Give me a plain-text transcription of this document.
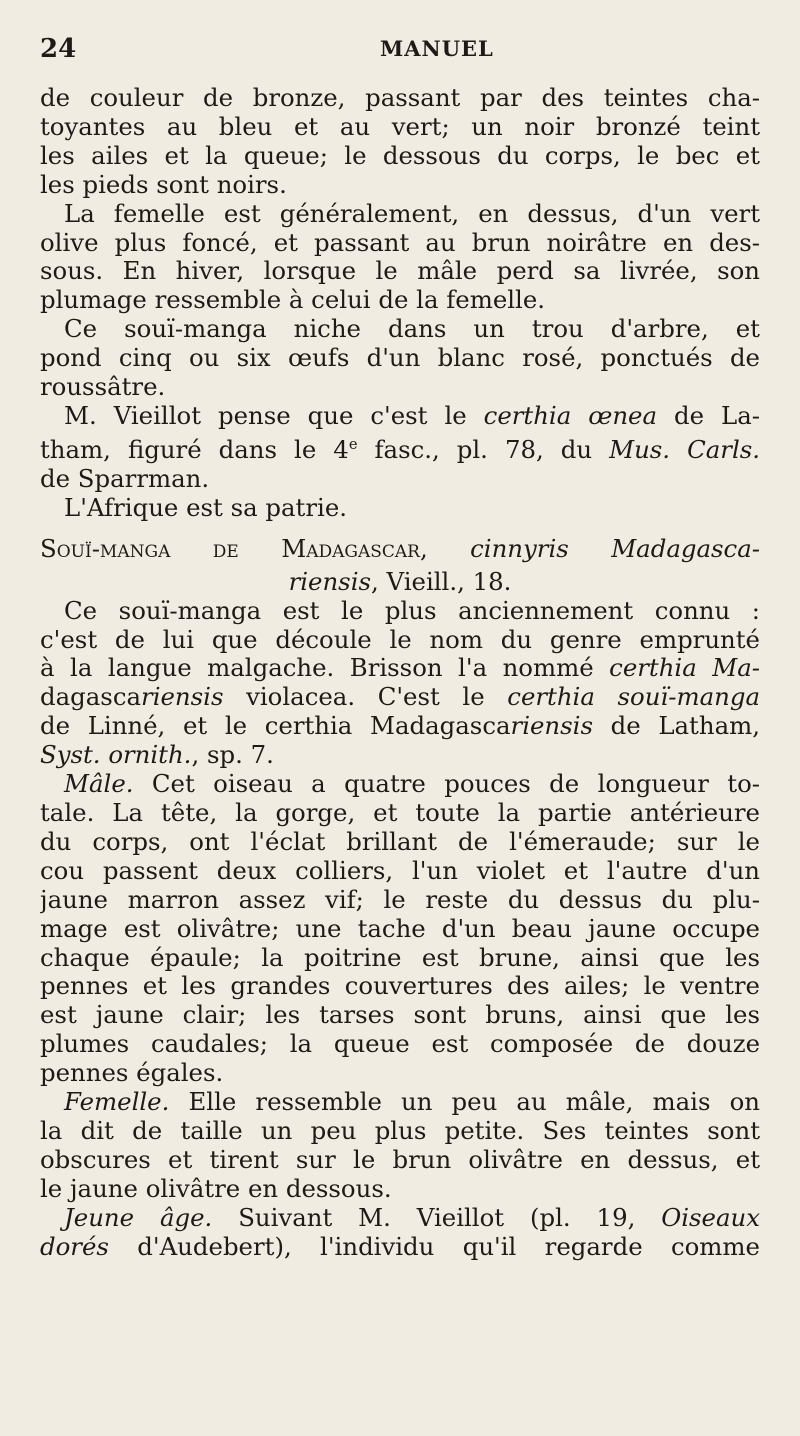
24	MANUEL
de couleur de bronze, passant par des teintes cha-
toyantes au bleu et au vert; un noir bronzé teint
les ailes et la queue; le dessous du corps, le bec et
les pieds sont noirs.
La femelle est généralement, en dessus, d'un vert
olive plus foncé, et passant au brun noirâtre en des-
sous. En hiver, lorsque le mâle perd sa livrée, son
plumage ressemble à celui de la femelle.
Ce souï-manga niche dans un trou d'arbre, et
pond cinq ou six œufs d'un blanc rosé, ponctués de
roussâtre.
M. Vieillot pense que c'est le certhia œnea de La-
tham, figuré dans le 4e fasc., pl. 78, du Mus. Carls.
de Sparrman.
L'Afrique est sa patrie.
Souï-manga de Madagascar, cinnyris Madagasca-
riensis, Vieill., 18.
Ce souï-manga est le plus anciennement connu :
c'est de lui que découle le nom du genre emprunté
à la langue malgache. Brisson l'a nommé certhia Ma-
dagascariensis violacea. C'est le certhia souï-manga
de Linné, et le certhia Madagascariensis de Latham,
Syst. ornith., sp. 7.
Mâle. Cet oiseau a quatre pouces de longueur to-
tale. La tête, la gorge, et toute la partie antérieure
du corps, ont l'éclat brillant de l'émeraude; sur le
cou passent deux colliers, l'un violet et l'autre d'un
jaune marron assez vif; le reste du dessus du plu-
mage est olivâtre; une tache d'un beau jaune occupe
chaque épaule; la poitrine est brune, ainsi que les
pennes et les grandes couvertures des ailes; le ventre
est jaune clair; les tarses sont bruns, ainsi que les
plumes caudales; la queue est composée de douze
pennes égales.
Femelle. Elle ressemble un peu au mâle, mais on
la dit de taille un peu plus petite. Ses teintes sont
obscures et tirent sur le brun olivâtre en dessus, et
le jaune olivâtre en dessous.
Jeune âge. Suivant M. Vieillot (pl. 19, Oiseaux
dorés d'Audebert), l'individu qu'il regarde comme
